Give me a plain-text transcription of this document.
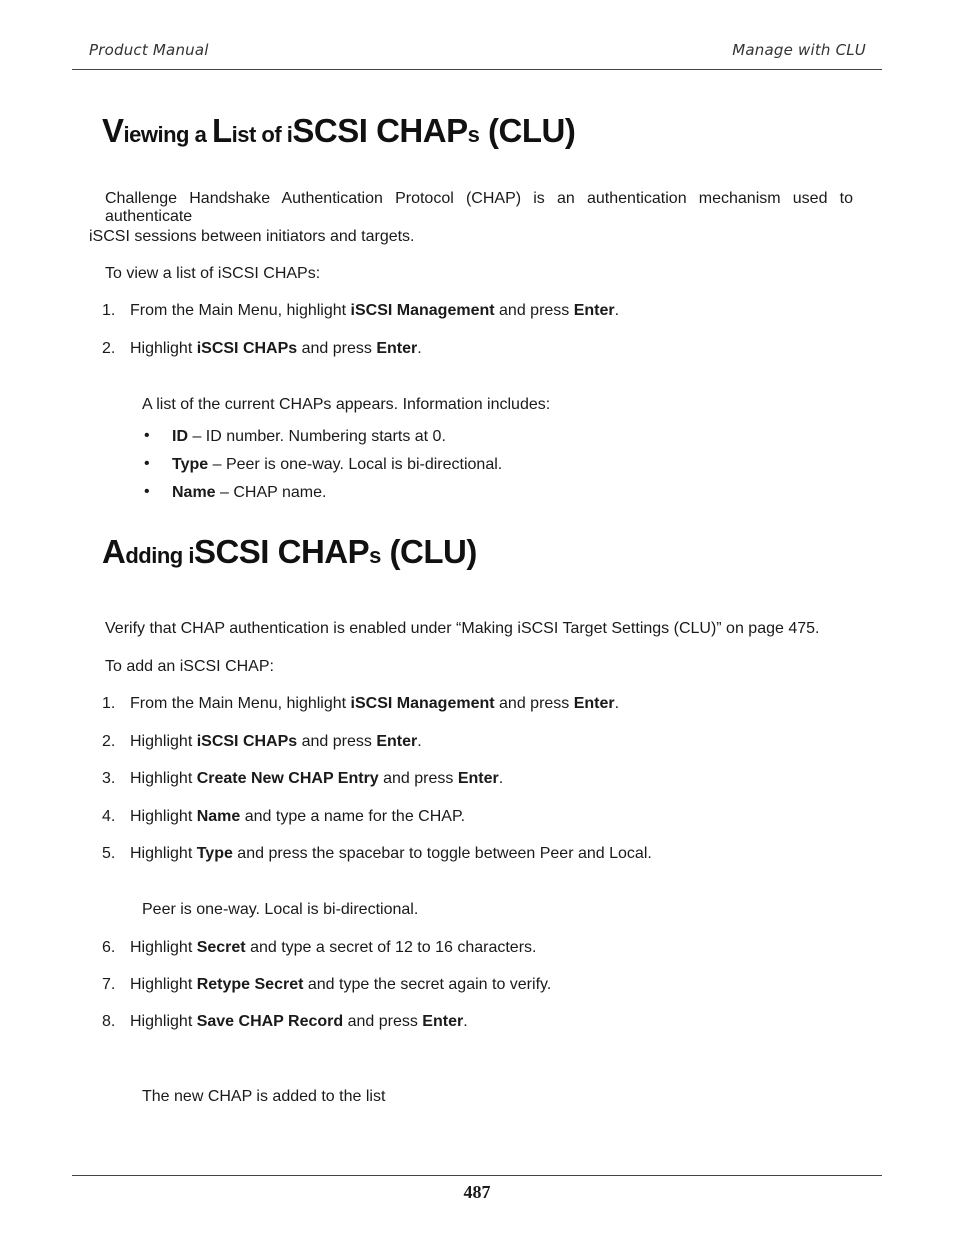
Product Manual	Manage with CLU
Viewing a List of iSCSI CHAPs (CLU)
Challenge Handshake Authentication Protocol (CHAP) is an authentication mechanism used to authenticate
iSCSI sessions between initiators and targets.
To view a list of iSCSI CHAPs:
1. From the Main Menu, highlight iSCSI Management and press Enter.
2. Highlight iSCSI CHAPs and press Enter.
A list of the current CHAPs appears. Information includes:
• ID – ID number. Numbering starts at 0.
• Type – Peer is one-way. Local is bi-directional.
• Name – CHAP name.
Adding iSCSI CHAPs (CLU)
Verify that CHAP authentication is enabled under “Making iSCSI Target Settings (CLU)” on page 475.
To add an iSCSI CHAP:
1. From the Main Menu, highlight iSCSI Management and press Enter.
2. Highlight iSCSI CHAPs and press Enter.
3. Highlight Create New CHAP Entry and press Enter.
4. Highlight Name and type a name for the CHAP.
5. Highlight Type and press the spacebar to toggle between Peer and Local.
Peer is one-way. Local is bi-directional.
6. Highlight Secret and type a secret of 12 to 16 characters.
7. Highlight Retype Secret and type the secret again to verify.
8. Highlight Save CHAP Record and press Enter.
The new CHAP is added to the list
487
